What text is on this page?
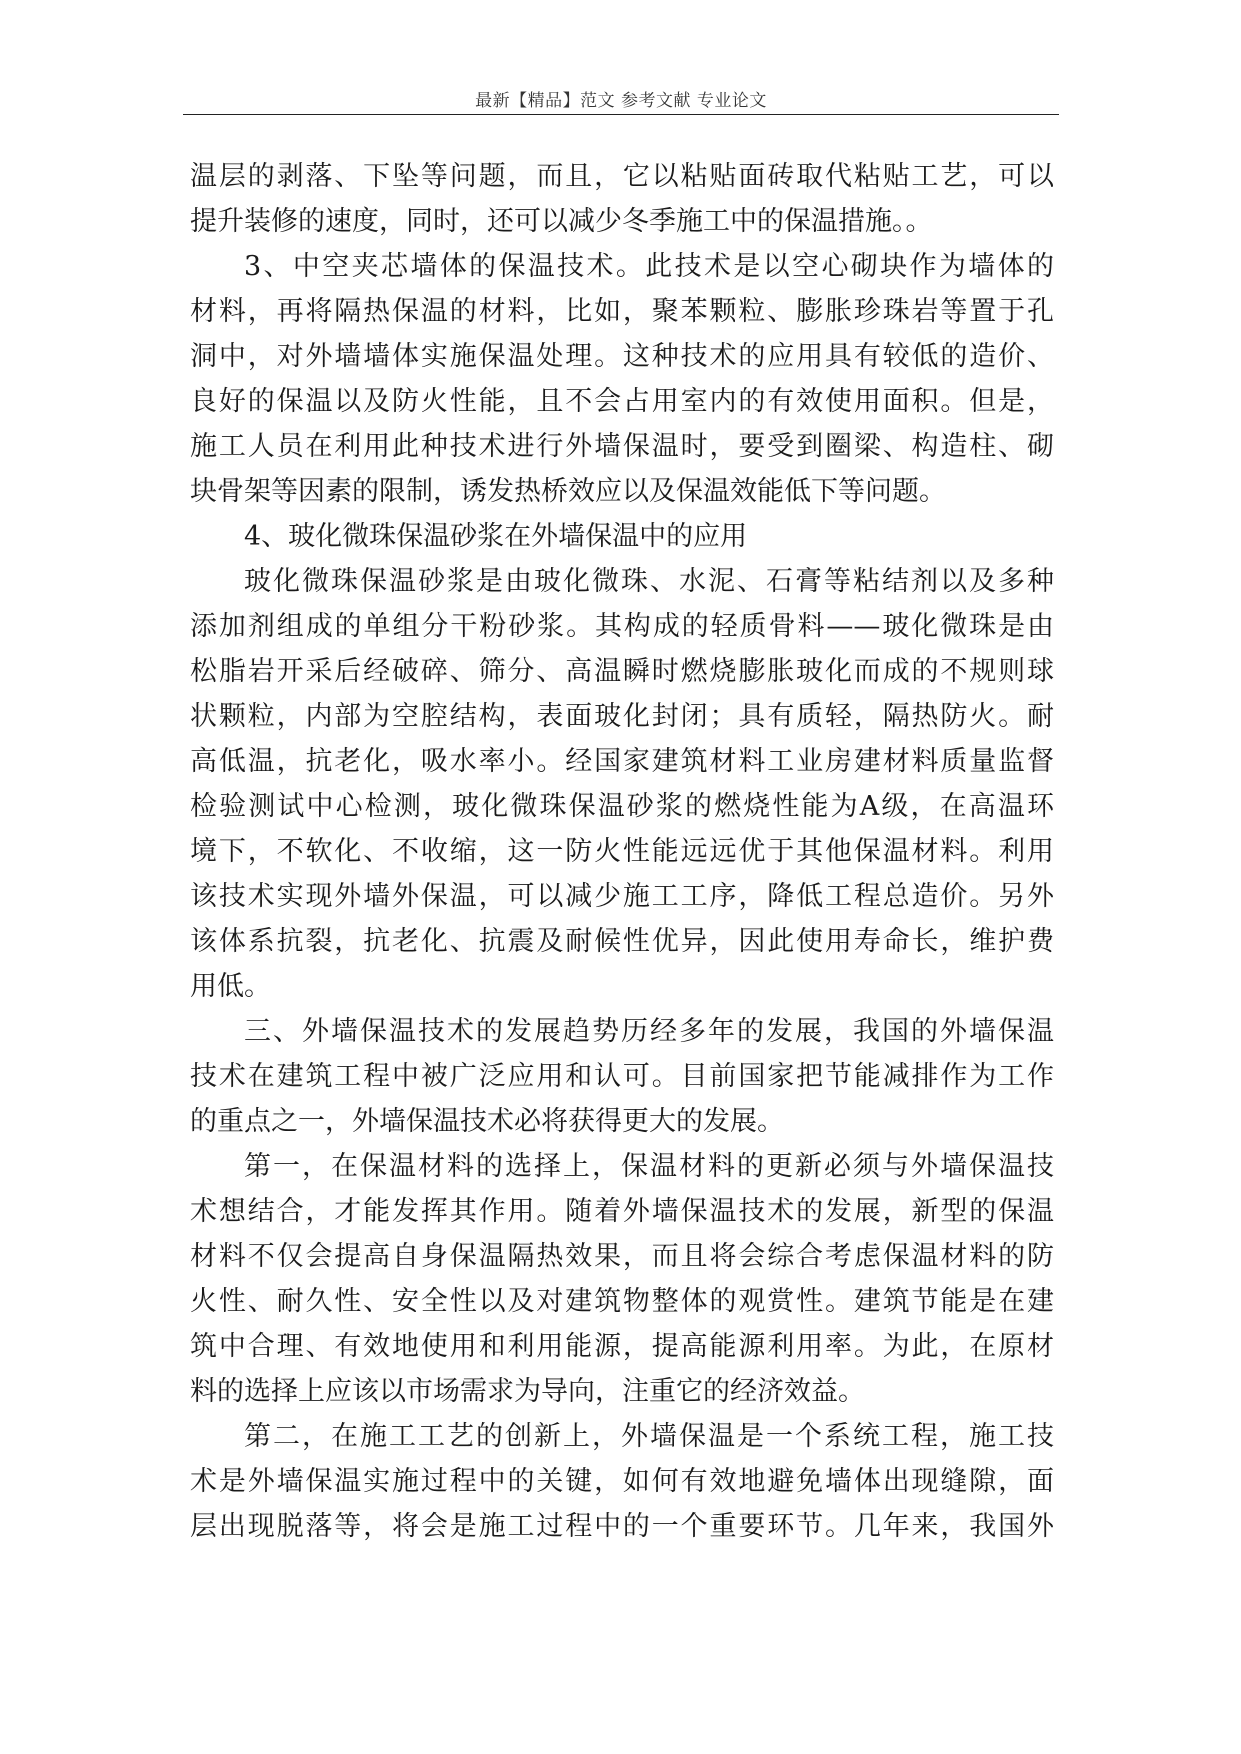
最新【精品】范文 参考文献 专业论文
温层的剥落、下坠等问题，而且，它以粘贴面砖取代粘贴工艺，可以
提升装修的速度，同时，还可以减少冬季施工中的保温措施。。
3、中空夹芯墙体的保温技术。此技术是以空心砌块作为墙体的
材料，再将隔热保温的材料，比如，聚苯颗粒、膨胀珍珠岩等置于孔
洞中，对外墙墙体实施保温处理。这种技术的应用具有较低的造价、
良好的保温以及防火性能，且不会占用室内的有效使用面积。但是，
施工人员在利用此种技术进行外墙保温时，要受到圈梁、构造柱、砌
块骨架等因素的限制，诱发热桥效应以及保温效能低下等问题。
4、玻化微珠保温砂浆在外墙保温中的应用
玻化微珠保温砂浆是由玻化微珠、水泥、石膏等粘结剂以及多种
添加剂组成的单组分干粉砂浆。其构成的轻质骨料——玻化微珠是由
松脂岩开采后经破碎、筛分、高温瞬时燃烧膨胀玻化而成的不规则球
状颗粒，内部为空腔结构，表面玻化封闭；具有质轻，隔热防火。耐
高低温，抗老化，吸水率小。经国家建筑材料工业房建材料质量监督
检验测试中心检测，玻化微珠保温砂浆的燃烧性能为A级，在高温环
境下，不软化、不收缩，这一防火性能远远优于其他保温材料。利用
该技术实现外墙外保温，可以减少施工工序，降低工程总造价。另外
该体系抗裂，抗老化、抗震及耐候性优异，因此使用寿命长，维护费
用低。
三、外墙保温技术的发展趋势历经多年的发展，我国的外墙保温
技术在建筑工程中被广泛应用和认可。目前国家把节能减排作为工作
的重点之一，外墙保温技术必将获得更大的发展。
第一，在保温材料的选择上，保温材料的更新必须与外墙保温技
术想结合，才能发挥其作用。随着外墙保温技术的发展，新型的保温
材料不仅会提高自身保温隔热效果，而且将会综合考虑保温材料的防
火性、耐久性、安全性以及对建筑物整体的观赏性。建筑节能是在建
筑中合理、有效地使用和利用能源，提高能源利用率。为此，在原材
料的选择上应该以市场需求为导向，注重它的经济效益。
第二，在施工工艺的创新上，外墙保温是一个系统工程，施工技
术是外墙保温实施过程中的关键，如何有效地避免墙体出现缝隙，面
层出现脱落等，将会是施工过程中的一个重要环节。几年来，我国外
